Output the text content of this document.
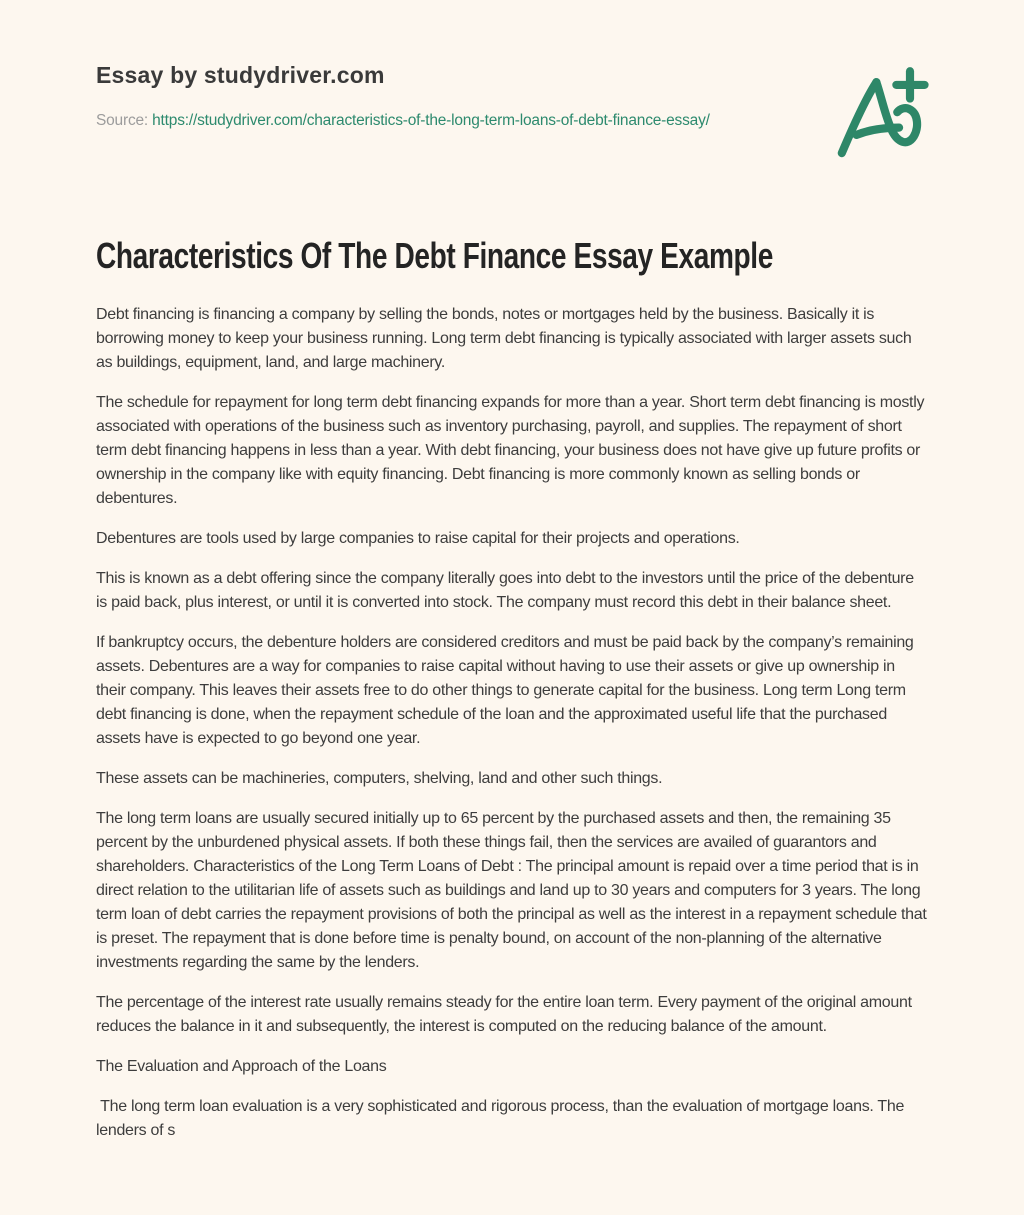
Essay by studydriver.com

Source: https://studydriver.com/characteristics-of-the-long-term-loans-of-debt-finance-essay/

Characteristics Of The Debt Finance Essay Example

Debt financing is financing a company by selling the bonds, notes or mortgages held by the business. Basically it is borrowing money to keep your business running. Long term debt financing is typically associated with larger assets such as buildings, equipment, land, and large machinery.

The schedule for repayment for long term debt financing expands for more than a year. Short term debt financing is mostly associated with operations of the business such as inventory purchasing, payroll, and supplies. The repayment of short term debt financing happens in less than a year. With debt financing, your business does not have give up future profits or ownership in the company like with equity financing. Debt financing is more commonly known as selling bonds or debentures.

Debentures are tools used by large companies to raise capital for their projects and operations.

This is known as a debt offering since the company literally goes into debt to the investors until the price of the debenture is paid back, plus interest, or until it is converted into stock. The company must record this debt in their balance sheet.

If bankruptcy occurs, the debenture holders are considered creditors and must be paid back by the company’s remaining assets. Debentures are a way for companies to raise capital without having to use their assets or give up ownership in their company. This leaves their assets free to do other things to generate capital for the business. Long term Long term debt financing is done, when the repayment schedule of the loan and the approximated useful life that the purchased assets have is expected to go beyond one year.

These assets can be machineries, computers, shelving, land and other such things.

The long term loans are usually secured initially up to 65 percent by the purchased assets and then, the remaining 35 percent by the unburdened physical assets. If both these things fail, then the services are availed of guarantors and shareholders. Characteristics of the Long Term Loans of Debt : The principal amount is repaid over a time period that is in direct relation to the utilitarian life of assets such as buildings and land up to 30 years and computers for 3 years. The long term loan of debt carries the repayment provisions of both the principal as well as the interest in a repayment schedule that is preset. The repayment that is done before time is penalty bound, on account of the non-planning of the alternative investments regarding the same by the lenders.

The percentage of the interest rate usually remains steady for the entire loan term. Every payment of the original amount reduces the balance in it and subsequently, the interest is computed on the reducing balance of the amount.

The Evaluation and Approach of the Loans

The long term loan evaluation is a very sophisticated and rigorous process, than the evaluation of mortgage loans. The lenders of s
